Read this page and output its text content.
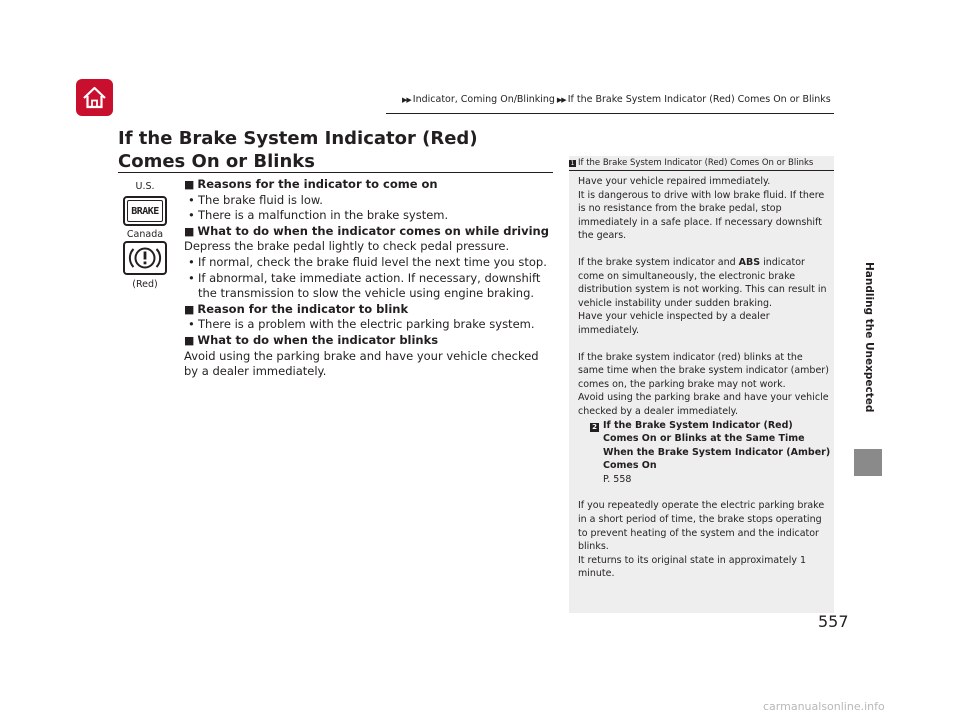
▶▶ Indicator, Coming On/Blinking ▶▶ If the Brake System Indicator (Red) Comes On or Blinks
If the Brake System Indicator (Red) Comes On or Blinks
U.S.
BRAKE
Canada
(Red)

■ Reasons for the indicator to come on

• The brake fluid is low.

• There is a malfunction in the brake system.

■ What to do when the indicator comes on while driving

Depress the brake pedal lightly to check pedal pressure.

• If normal, check the brake fluid level the next time you stop.

• If abnormal, take immediate action. If necessary, downshift the transmission to slow the vehicle using engine braking.

■ Reason for the indicator to blink

• There is a problem with the electric parking brake system.

■ What to do when the indicator blinks

Avoid using the parking brake and have your vehicle checked by a dealer immediately.

1 If the Brake System Indicator (Red) Comes On or Blinks

Have your vehicle repaired immediately.

It is dangerous to drive with low brake fluid. If there is no resistance from the brake pedal, stop immediately in a safe place. If necessary downshift the gears.

If the brake system indicator and ABS indicator come on simultaneously, the electronic brake distribution system is not working. This can result in vehicle instability under sudden braking.

Have your vehicle inspected by a dealer immediately.

If the brake system indicator (red) blinks at the same time when the brake system indicator (amber) comes on, the parking brake may not work.

Avoid using the parking brake and have your vehicle checked by a dealer immediately.

2 If the Brake System Indicator (Red) Comes On or Blinks at the Same Time When the Brake System Indicator (Amber) Comes On

P. 558

If you repeatedly operate the electric parking brake in a short period of time, the brake stops operating to prevent heating of the system and the indicator blinks.

It returns to its original state in approximately 1 minute.

Handling the Unexpected
557
carmanualsonline.info
